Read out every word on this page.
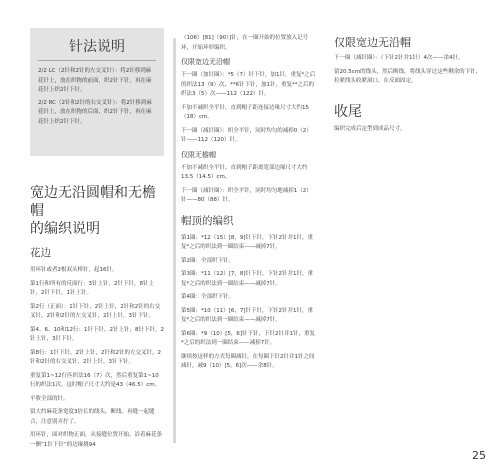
针法说明

2/2 LC（2针和2针的左交叉针）：将2针移到麻花针上，放在织物的前面，织2针下针，再在麻花针上织2针下针。

2/2 RC（2针和2针的右交叉针）：将2针移到麻花针上，放在织物的后面，织2针下针，再在麻花针上织2针下针。

宽边无沿圆帽和无檐帽
的编织说明
花边

用环针或者2根双头棒针，起16针。

第1行和所有的反面行：3针上针，2针下针，8针上针，2针下针，1针上针。

第2行（正面）：1针下针，2针上针，2针和2针的右交叉针，2针和2针的左交叉针，2针上针，3针下针。

第4、6、10和12行：1针下针，2针上针，8针下针，2针上针，3针下针。

第8行：1针下针，2针上针，2针和2针的左交叉针，2针和2针的右交叉针，2针上针，3针下针。

重复第1~12行匹织法16（7）次，然后重复第1~10行的织法1次，这时帽子尺寸大约是43（46.5）cm。

平收全部的针。

留大约麻花条宽度3倍长的线头，断线。再缝一起缝合，注意别弄拧了。

用环针，面对织物正面，从接缝位置开始，沿着麻花条一侧“1针下针”的边缘挑94

（106）[81]（90）]针，在一圈开始的位置放入记号环，开始环形编织。

仅限宽边无沿帽

下一圈（加针圈）：*5（7）针下针，加1针，重复*之后的织法13（9）次，**6针下针，加1针，重复**之后的织法3（5）次——112（122）针。

不加不减织全平针，直到帽子距连接边缘尺寸大约15（18）cm。

下一圈（减针圈）：织全平针，同时均匀的减掉0（2）针——112（120）针。

仅限无檐帽

不加不减织全平针，直到帽子距离宽部边缘尺寸大约13.5（14.5）cm。

下一圈（减针圈）：织全平针，同时均匀地减掉1（2）针——80（88）针。

帽顶的编织

第1圈：*12（15）[8，9]针下针，下针2针并1针，重复*之后的织法到一圈结束——减掉7针。

第2圈：全部织下针。

第3圈：*11（12）[7，8]针下针，下针2针并1针，重复*之后的织法到一圈结束——减掉7针。

第4圈：全部织下针。

第5圈：*10（11）[6，7]针下针，下针2针并1针，重复*之后的织法到一圈结束——减掉7针。

第6圈：*9（10）[5，6]针下针，下针2针并1针，重复*之后的织法到一圈结束——减掉7针。

继续按这样的方式每圈减针，在每圈下针2针并1针之间减针，减9（10）[5，6]次——余8针。

仅限宽边无沿帽

下一圈（减针圈）：（下针2针并1针）4次——余4针。

留20.5cm的线头，然后断线。将线头穿过这些剩余的下针，拉紧线头收紧洞口，在反面固定。

收尾

编织完成后定型到成品尺寸。

25
